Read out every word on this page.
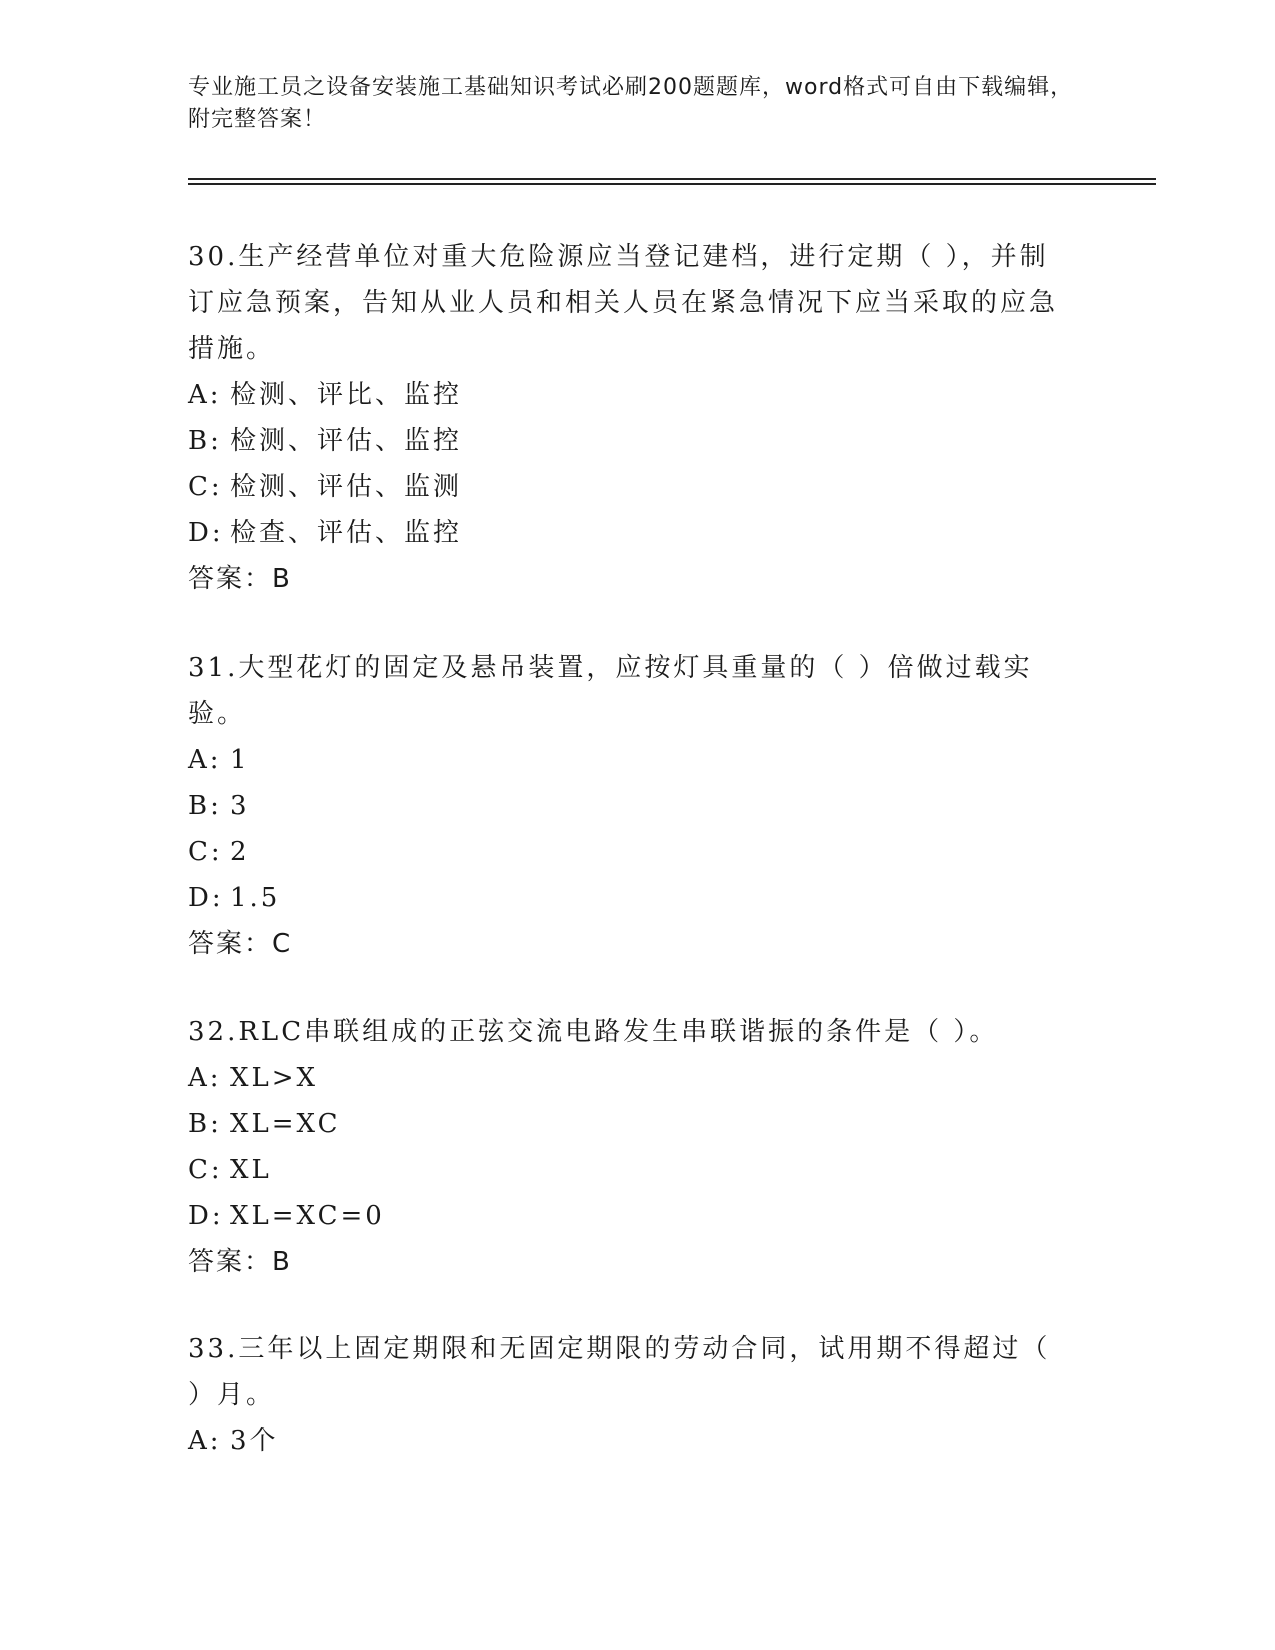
专业施工员之设备安装施工基础知识考试必刷200题题库，word格式可自由下载编辑，附完整答案！
30.生产经营单位对重大危险源应当登记建档，进行定期（ ），并制订应急预案，告知从业人员和相关人员在紧急情况下应当采取的应急措施。
A: 检测、评比、监控
B: 检测、评估、监控
C: 检测、评估、监测
D: 检查、评估、监控
答案：B
31.大型花灯的固定及悬吊装置，应按灯具重量的（ ）倍做过载实验。
A: 1
B: 3
C: 2
D: 1.5
答案：C
32.RLC串联组成的正弦交流电路发生串联谐振的条件是（ ）。
A: XL>X
B: XL=XC
C: XL
D: XL=XC=0
答案：B
33.三年以上固定期限和无固定期限的劳动合同，试用期不得超过（ ）月。
A: 3个
